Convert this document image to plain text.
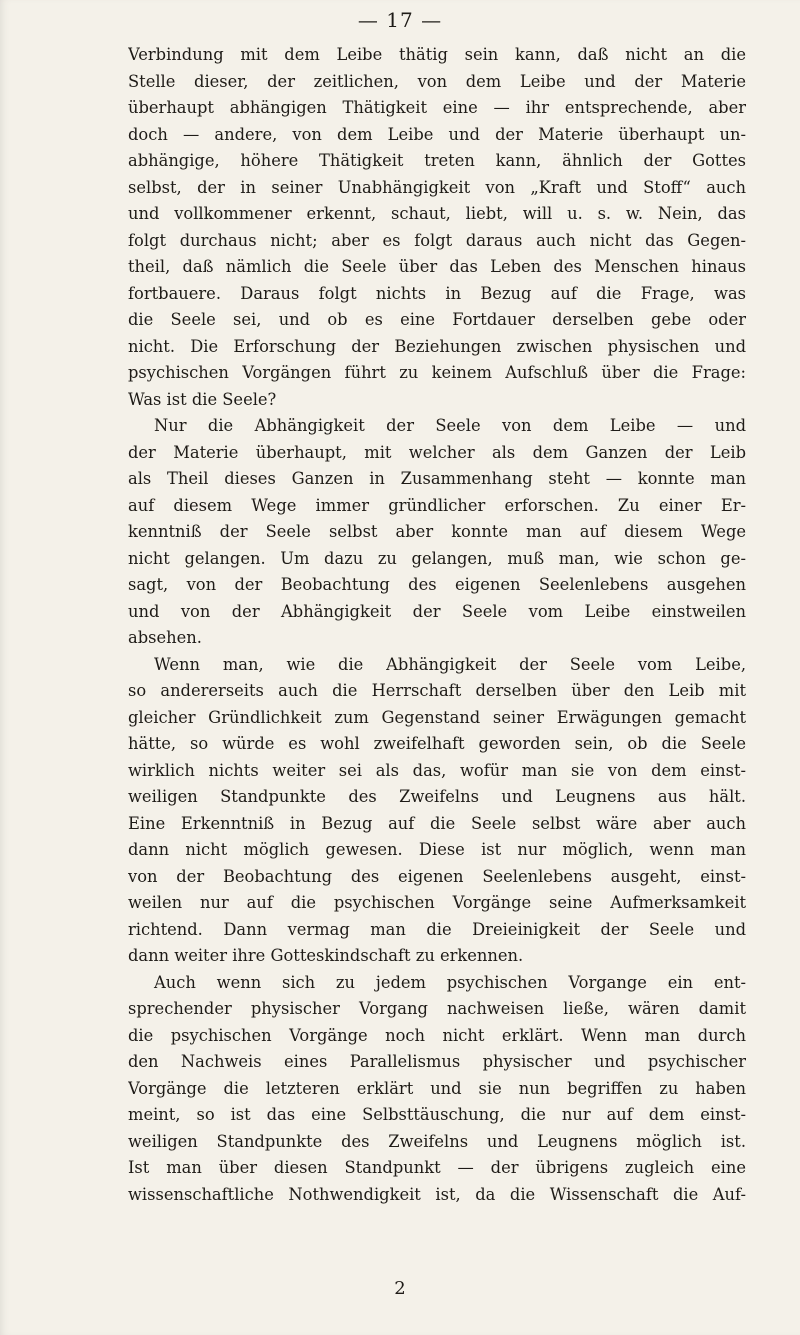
— 17 —
Verbindung mit dem Leibe thätig sein kann, daß nicht an die
Stelle dieser, der zeitlichen, von dem Leibe und der Materie
überhaupt abhängigen Thätigkeit eine — ihr entsprechende, aber
doch — andere, von dem Leibe und der Materie überhaupt un-
abhängige, höhere Thätigkeit treten kann, ähnlich der Gottes
selbst, der in seiner Unabhängigkeit von „Kraft und Stoff“ auch
und vollkommener erkennt, schaut, liebt, will u. s. w. Nein, das
folgt durchaus nicht; aber es folgt daraus auch nicht das Gegen-
theil, daß nämlich die Seele über das Leben des Menschen hinaus
fortbauere. Daraus folgt nichts in Bezug auf die Frage, was
die Seele sei, und ob es eine Fortdauer derselben gebe oder
nicht. Die Erforschung der Beziehungen zwischen physischen und
psychischen Vorgängen führt zu keinem Aufschluß über die Frage:
Was ist die Seele?
Nur die Abhängigkeit der Seele von dem Leibe — und
der Materie überhaupt, mit welcher als dem Ganzen der Leib
als Theil dieses Ganzen in Zusammenhang steht — konnte man
auf diesem Wege immer gründlicher erforschen. Zu einer Er-
kenntniß der Seele selbst aber konnte man auf diesem Wege
nicht gelangen. Um dazu zu gelangen, muß man, wie schon ge-
sagt, von der Beobachtung des eigenen Seelenlebens ausgehen
und von der Abhängigkeit der Seele vom Leibe einstweilen
absehen.
Wenn man, wie die Abhängigkeit der Seele vom Leibe,
so andererseits auch die Herrschaft derselben über den Leib mit
gleicher Gründlichkeit zum Gegenstand seiner Erwägungen gemacht
hätte, so würde es wohl zweifelhaft geworden sein, ob die Seele
wirklich nichts weiter sei als das, wofür man sie von dem einst-
weiligen Standpunkte des Zweifelns und Leugnens aus hält.
Eine Erkenntniß in Bezug auf die Seele selbst wäre aber auch
dann nicht möglich gewesen. Diese ist nur möglich, wenn man
von der Beobachtung des eigenen Seelenlebens ausgeht, einst-
weilen nur auf die psychischen Vorgänge seine Aufmerksamkeit
richtend. Dann vermag man die Dreieinigkeit der Seele und
dann weiter ihre Gotteskindschaft zu erkennen.
Auch wenn sich zu jedem psychischen Vorgange ein ent-
sprechender physischer Vorgang nachweisen ließe, wären damit
die psychischen Vorgänge noch nicht erklärt. Wenn man durch
den Nachweis eines Parallelismus physischer und psychischer
Vorgänge die letzteren erklärt und sie nun begriffen zu haben
meint, so ist das eine Selbsttäuschung, die nur auf dem einst-
weiligen Standpunkte des Zweifelns und Leugnens möglich ist.
Ist man über diesen Standpunkt — der übrigens zugleich eine
wissenschaftliche Nothwendigkeit ist, da die Wissenschaft die Auf-
2
